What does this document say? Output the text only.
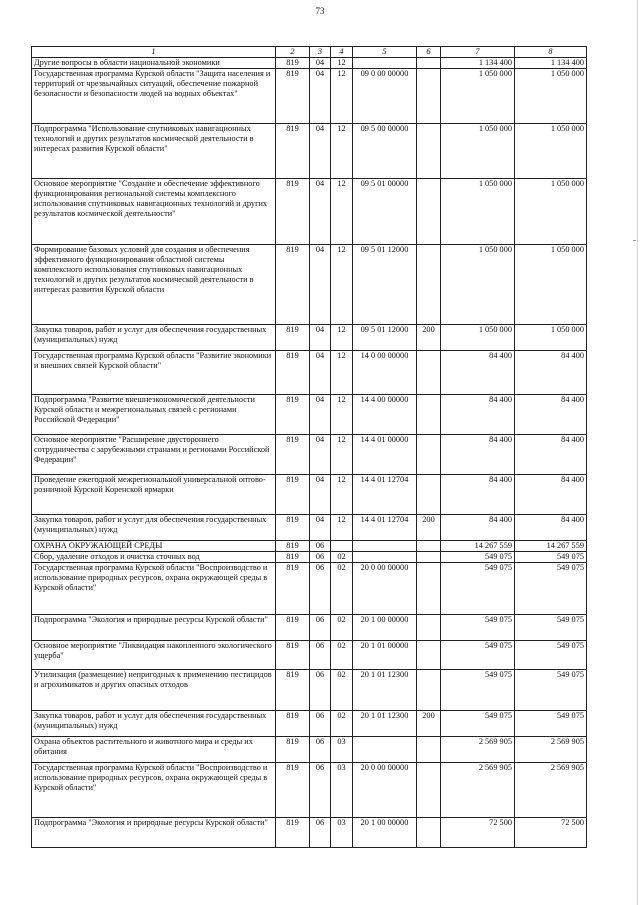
73
1	2	3	4	5	6	7	8
Другие вопросы в области национальной экономики	819	04	12			1 134 400	1 134 400
Государственная программа Курской области "Защита населения и территорий от чрезвычайных ситуаций, обеспечение пожарной безопасности и безопасности людей на водных объектах"	819	04	12	09 0 00 00000		1 050 000	1 050 000
Подпрограмма "Использование спутниковых навигационных технологий и других результатов космической деятельности в интересах развития Курской области"	819	04	12	09 5 00 00000		1 050 000	1 050 000
Основное мероприятие "Создание и обеспечение эффективного функционирования региональной системы комплексного использования спутниковых навигационных технологий и других результатов космической деятельности"	819	04	12	09 5 01 00000		1 050 000	1 050 000
Формирование базовых условий для создания и обеспечения эффективного функционирования областной системы комплексного использования спутниковых навигационных технологий и других результатов космической деятельности в интересах развития Курской области	819	04	12	09 5 01 12000		1 050 000	1 050 000
Закупка товаров, работ и услуг для обеспечения государственных (муниципальных) нужд	819	04	12	09 5 01 12000	200	1 050 000	1 050 000
Государственная программа Курской области "Развитие экономики и внешних связей Курской области"	819	04	12	14 0 00 00000		84 400	84 400
Подпрограмма "Развитие внешнеэкономической деятельности Курской области и межрегиональных связей с регионами Российской Федерации"	819	04	12	14 4 00 00000		84 400	84 400
Основное мероприятие "Расширение двустороннего сотрудничества с зарубежными странами и регионами Российской Федерации"	819	04	12	14 4 01 00000		84 400	84 400
Проведение ежегодной межрегиональной универсальной оптово-розничной Курской Коренской ярмарки	819	04	12	14 4 01 12704		84 400	84 400
Закупка товаров, работ и услуг для обеспечения государственных (муниципальных) нужд	819	04	12	14 4 01 12704	200	84 400	84 400
ОХРАНА ОКРУЖАЮЩЕЙ СРЕДЫ	819	06				14 267 559	14 267 559
Сбор, удаление отходов и очистка сточных вод	819	06	02			549 075	549 075
Государственная программа Курской области "Воспроизводство и использование природных ресурсов, охрана окружающей среды в Курской области"	819	06	02	20 0 00 00000		549 075	549 075
Подпрограмма "Экология и природные ресурсы Курской области"	819	06	02	20 1 00 00000		549 075	549 075
Основное мероприятие "Ликвидация накопленного экологического ущерба"	819	06	02	20 1 01 00000		549 075	549 075
Утилизация (размещение) непригодных к применению пестицидов и агрохимикатов и других опасных отходов	819	06	02	20 1 01 12300		549 075	549 075
Закупка товаров, работ и услуг для обеспечения государственных (муниципальных) нужд	819	06	02	20 1 01 12300	200	549 075	549 075
Охрана объектов растительного и животного мира и среды их обитания	819	06	03			2 569 905	2 569 905
Государственная программа Курской области "Воспроизводство и использование природных ресурсов, охрана окружающей среды в Курской области"	819	06	03	20 0 00 00000		2 569 905	2 569 905
Подпрограмма "Экология и природные ресурсы Курской области"	819	06	03	20 1 00 00000		72 500	72 500
